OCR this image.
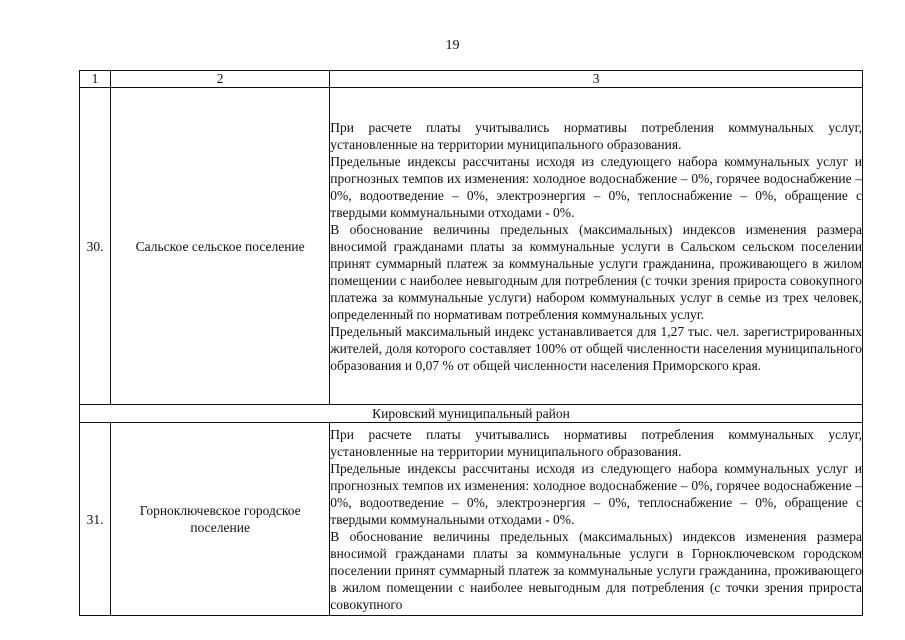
19
1	2	3
30.	Сальское сельское поселение	При расчете платы учитывались нормативы потребления коммунальных услуг, установленные на территории муниципального образования.
Предельные индексы рассчитаны исходя из следующего набора коммунальных услуг и прогнозных темпов их изменения: холодное водоснабжение – 0%, горячее водоснабжение – 0%, водоотведение – 0%, электроэнергия – 0%, теплоснабжение – 0%, обращение с твердыми коммунальными отходами - 0%.
В обоснование величины предельных (максимальных) индексов изменения размера вносимой гражданами платы за коммунальные услуги в Сальском сельском поселении принят суммарный платеж за коммунальные услуги гражданина, проживающего в жилом помещении с наиболее невыгодным для потребления (с точки зрения прироста совокупного платежа за коммунальные услуги) набором коммунальных услуг в семье из трех человек, определенный по нормативам потребления коммунальных услуг.
Предельный максимальный индекс устанавливается для 1,27 тыс. чел. зарегистрированных жителей, доля которого составляет 100% от общей численности населения муниципального образования и 0,07 % от общей численности населения Приморского края.

Кировский муниципальный район		
31.	Горноключевское городское поселение	При расчете платы учитывались нормативы потребления коммунальных услуг, установленные на территории муниципального образования.
Предельные индексы рассчитаны исходя из следующего набора коммунальных услуг и прогнозных темпов их изменения: холодное водоснабжение – 0%, горячее водоснабжение – 0%, водоотведение – 0%, электроэнергия – 0%, теплоснабжение – 0%, обращение с твердыми коммунальными отходами - 0%.
В обоснование величины предельных (максимальных) индексов изменения размера вносимой гражданами платы за коммунальные услуги в Горноключевском городском поселении принят суммарный платеж за коммунальные услуги гражданина, проживающего в жилом помещении с наиболее невыгодным для потребления (с точки зрения прироста совокупного
